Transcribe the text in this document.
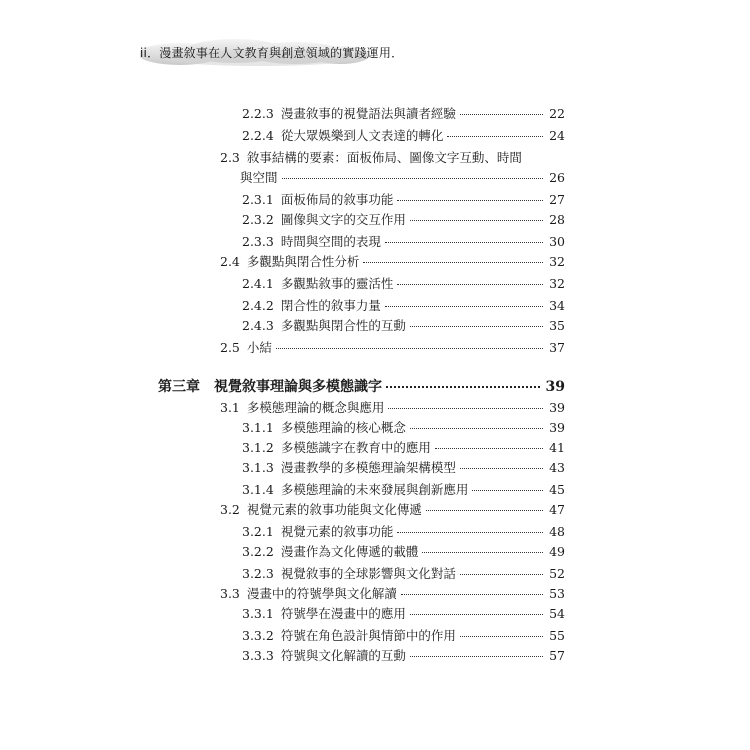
ii．漫畫敘事在人文教育與創意領域的實踐運用．
2.2.3 漫畫敘事的視覺語法與讀者經驗	22
2.2.4 從大眾娛樂到人文表達的轉化	24
2.3 敘事結構的要素：面板佈局、圖像文字互動、時間
與空間	26
2.3.1 面板佈局的敘事功能	27
2.3.2 圖像與文字的交互作用	28
2.3.3 時間與空間的表現	30
2.4 多觀點與閉合性分析	32
2.4.1 多觀點敘事的靈活性	32
2.4.2 閉合性的敘事力量	34
2.4.3 多觀點與閉合性的互動	35
2.5 小結	37
第三章 視覺敘事理論與多模態識字	39
3.1 多模態理論的概念與應用	39
3.1.1 多模態理論的核心概念	39
3.1.2 多模態識字在教育中的應用	41
3.1.3 漫畫教學的多模態理論架構模型	43
3.1.4 多模態理論的未來發展與創新應用	45
3.2 視覺元素的敘事功能與文化傳遞	47
3.2.1 視覺元素的敘事功能	48
3.2.2 漫畫作為文化傳遞的載體	49
3.2.3 視覺敘事的全球影響與文化對話	52
3.3 漫畫中的符號學與文化解讀	53
3.3.1 符號學在漫畫中的應用	54
3.3.2 符號在角色設計與情節中的作用	55
3.3.3 符號與文化解讀的互動	57
